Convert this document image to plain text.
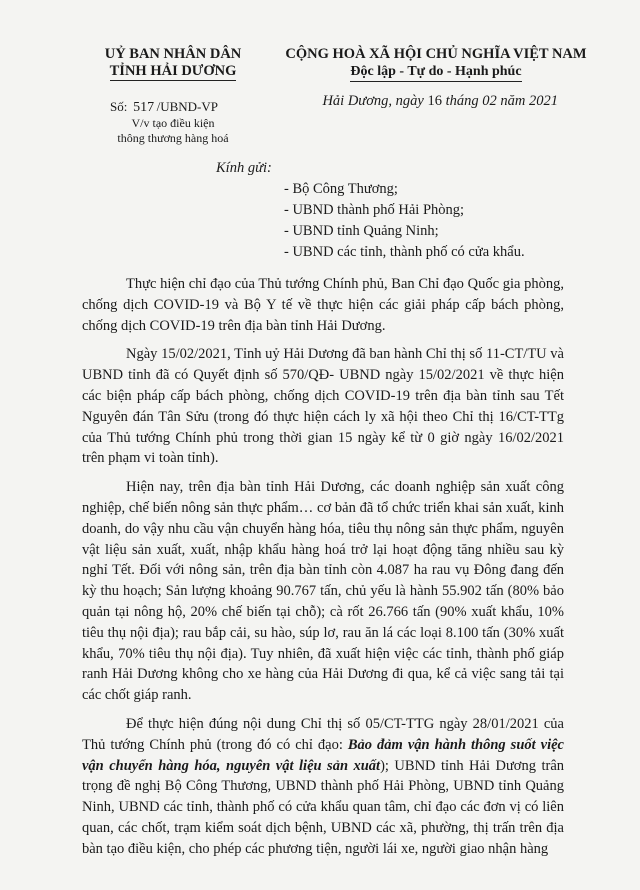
UỶ BAN NHÂN DÂN
TỈNH HẢI DƯƠNG
Số: 517 /UBND-VP
V/v tạo điều kiện
thông thương hàng hoá
CỘNG HOÀ XÃ HỘI CHỦ NGHĨA VIỆT NAM
Độc lập - Tự do - Hạnh phúc
Hải Dương, ngày 16 tháng 02 năm 2021
Kính gửi:
- Bộ Công Thương;
- UBND thành phố Hải Phòng;
- UBND tỉnh Quảng Ninh;
- UBND các tỉnh, thành phố có cửa khẩu.

Thực hiện chỉ đạo của Thủ tướng Chính phủ, Ban Chỉ đạo Quốc gia phòng, chống dịch COVID-19 và Bộ Y tế về thực hiện các giải pháp cấp bách phòng, chống dịch COVID-19 trên địa bàn tỉnh Hải Dương.

Ngày 15/02/2021, Tỉnh uỷ Hải Dương đã ban hành Chỉ thị số 11-CT/TU và UBND tỉnh đã có Quyết định số 570/QĐ- UBND ngày 15/02/2021 về thực hiện các biện pháp cấp bách phòng, chống dịch COVID-19 trên địa bàn tỉnh sau Tết Nguyên đán Tân Sửu (trong đó thực hiện cách ly xã hội theo Chỉ thị 16/CT-TTg của Thủ tướng Chính phủ trong thời gian 15 ngày kể từ 0 giờ ngày 16/02/2021 trên phạm vi toàn tỉnh).

Hiện nay, trên địa bàn tỉnh Hải Dương, các doanh nghiệp sản xuất công nghiệp, chế biến nông sản thực phẩm… cơ bản đã tổ chức triển khai sản xuất, kinh doanh, do vậy nhu cầu vận chuyển hàng hóa, tiêu thụ nông sản thực phẩm, nguyên vật liệu sản xuất, xuất, nhập khẩu hàng hoá trở lại hoạt động tăng nhiều sau kỳ nghỉ Tết. Đối với nông sản, trên địa bàn tỉnh còn 4.087 ha rau vụ Đông đang đến kỳ thu hoạch; Sản lượng khoảng 90.767 tấn, chủ yếu là hành 55.902 tấn (80% bảo quản tại nông hộ, 20% chế biến tại chỗ); cà rốt 26.766 tấn (90% xuất khẩu, 10% tiêu thụ nội địa); rau bắp cải, su hào, súp lơ, rau ăn lá các loại 8.100 tấn (30% xuất khẩu, 70% tiêu thụ nội địa). Tuy nhiên, đã xuất hiện việc các tỉnh, thành phố giáp ranh Hải Dương không cho xe hàng của Hải Dương đi qua, kể cả việc sang tải tại các chốt giáp ranh.

Để thực hiện đúng nội dung Chỉ thị số 05/CT-TTG ngày 28/01/2021 của Thủ tướng Chính phủ (trong đó có chỉ đạo: Bảo đảm vận hành thông suốt việc vận chuyển hàng hóa, nguyên vật liệu sản xuất); UBND tỉnh Hải Dương trân trọng đề nghị Bộ Công Thương, UBND thành phố Hải Phòng, UBND tỉnh Quảng Ninh, UBND các tỉnh, thành phố có cửa khẩu quan tâm, chỉ đạo các đơn vị có liên quan, các chốt, trạm kiểm soát dịch bệnh, UBND các xã, phường, thị trấn trên địa bàn tạo điều kiện, cho phép các phương tiện, người lái xe, người giao nhận hàng
